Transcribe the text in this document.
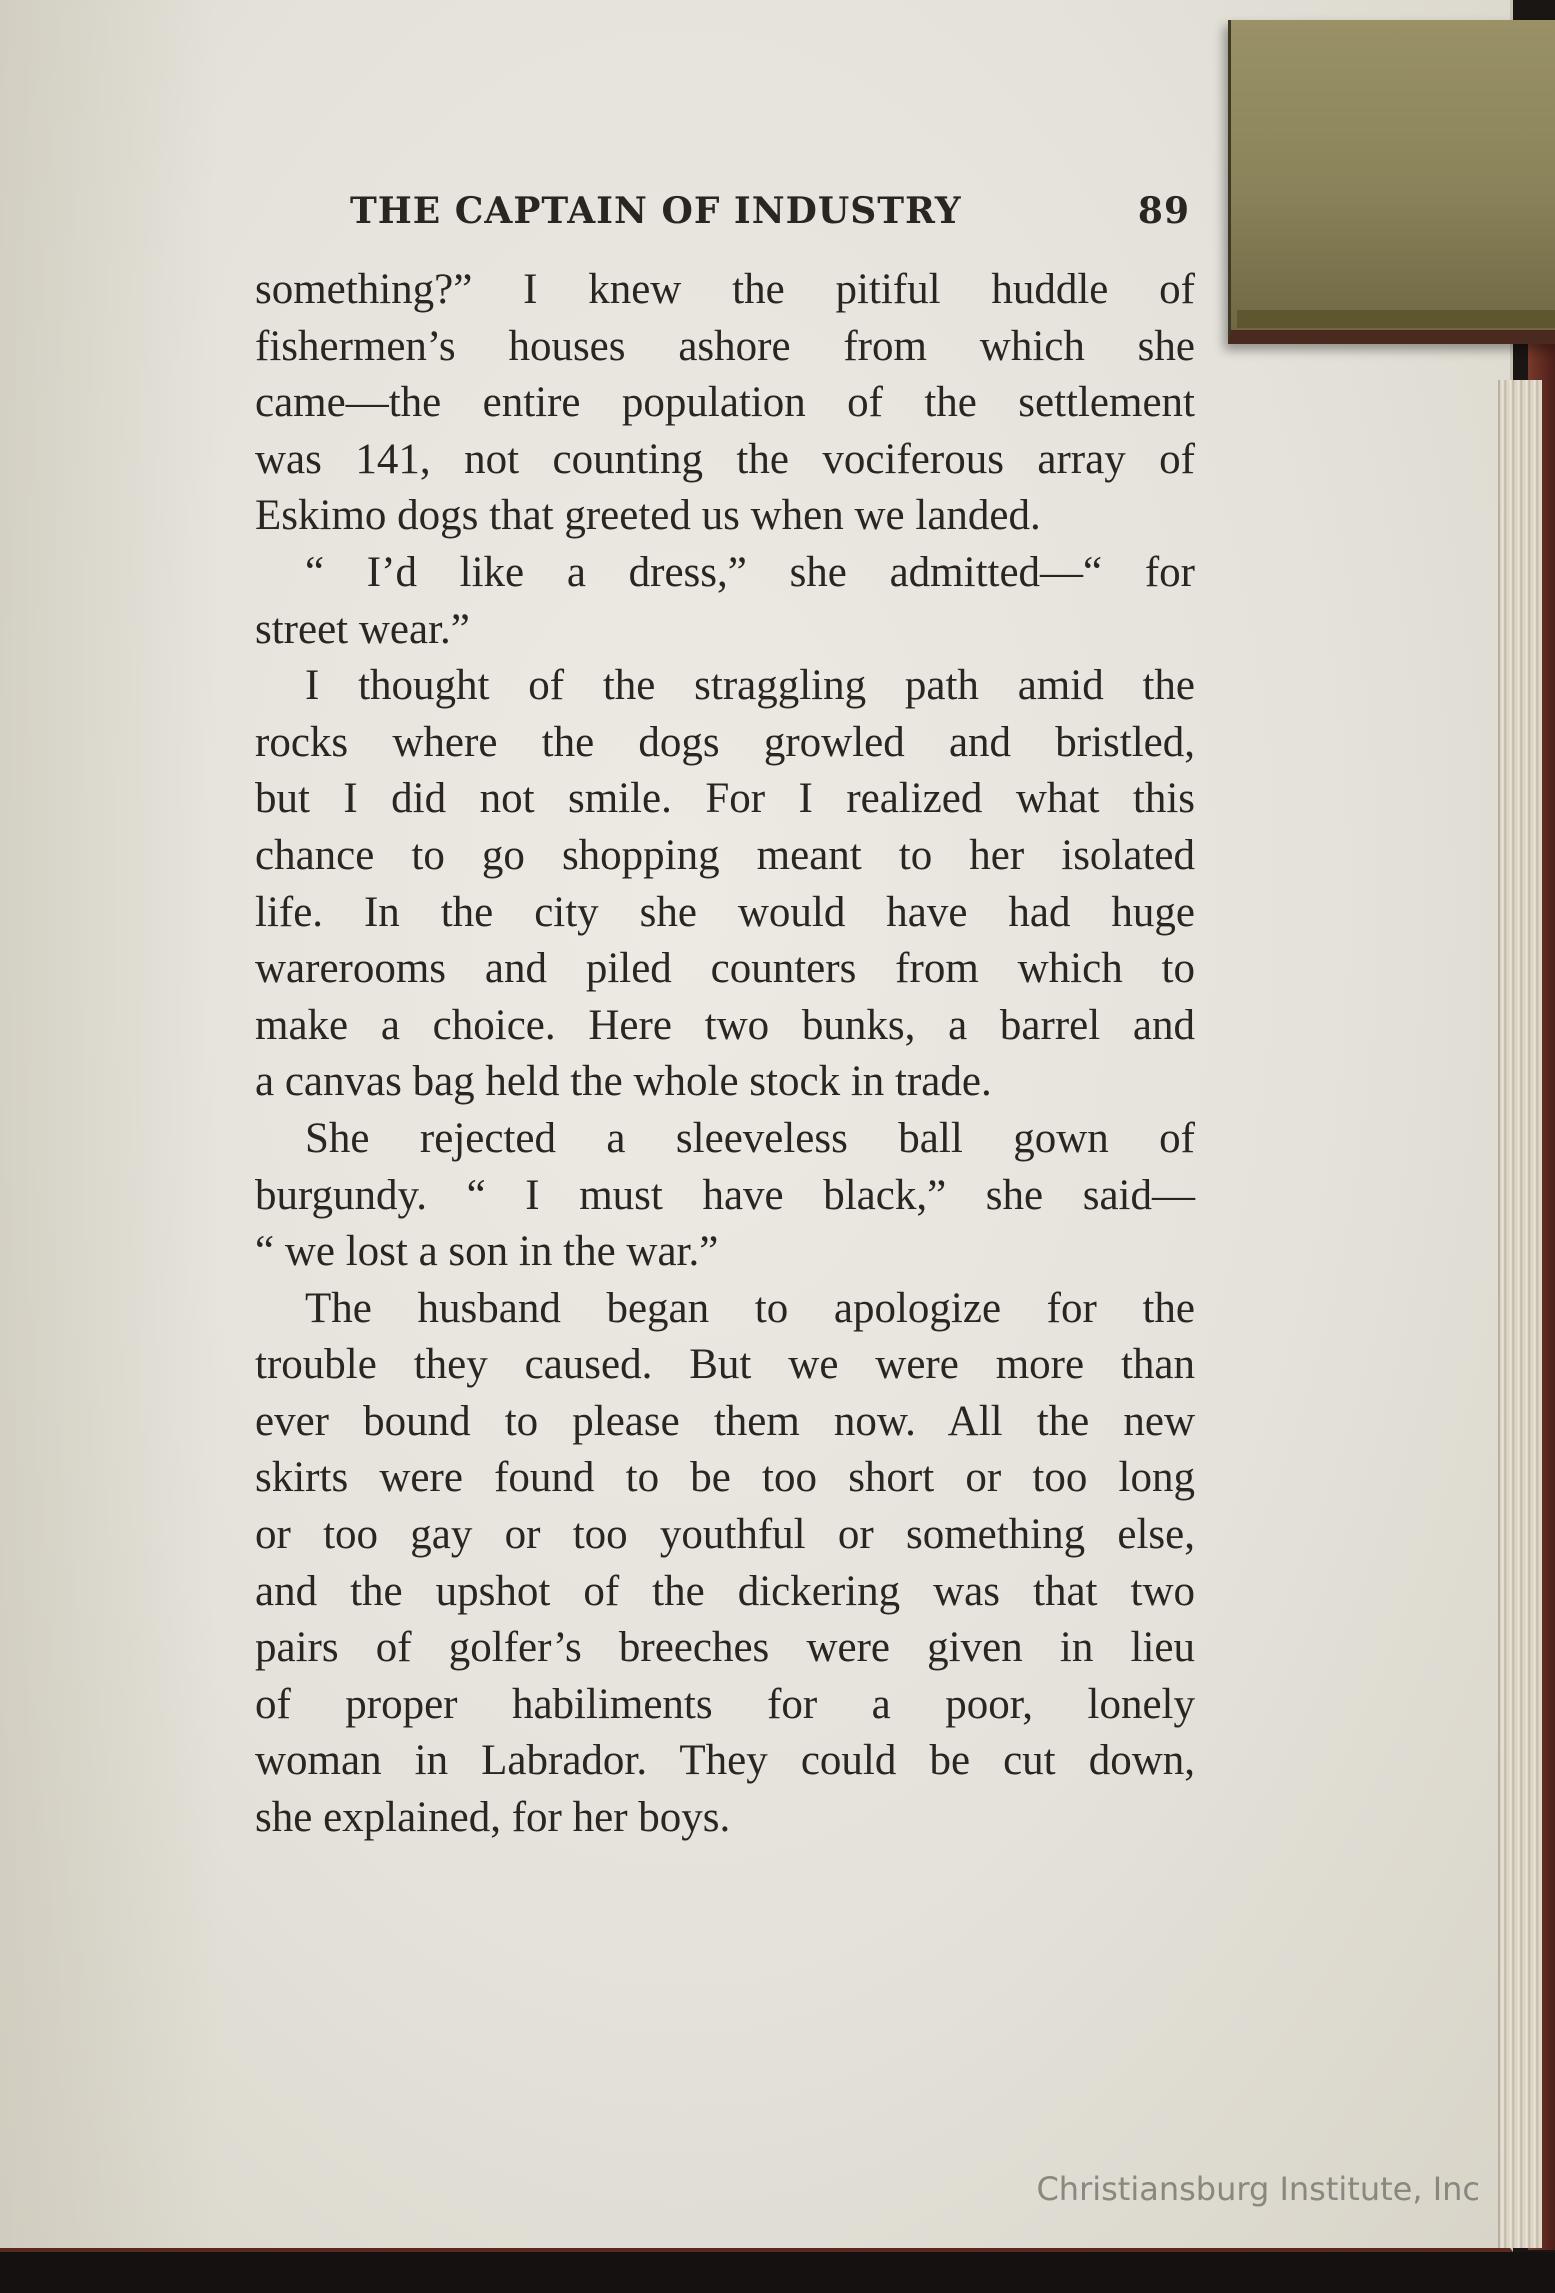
THE CAPTAIN OF INDUSTRY	89
something?” I knew the pitiful huddle of
fishermen’s houses ashore from which she
came—the entire population of the settlement
was 141, not counting the vociferous array of
Eskimo dogs that greeted us when we landed.
“ I’d like a dress,” she admitted—“ for
street wear.”
I thought of the straggling path amid the
rocks where the dogs growled and bristled,
but I did not smile. For I realized what this
chance to go shopping meant to her isolated
life. In the city she would have had huge
warerooms and piled counters from which to
make a choice. Here two bunks, a barrel and
a canvas bag held the whole stock in trade.
She rejected a sleeveless ball gown of
burgundy. “ I must have black,” she said—
“ we lost a son in the war.”
The husband began to apologize for the
trouble they caused. But we were more than
ever bound to please them now. All the new
skirts were found to be too short or too long
or too gay or too youthful or something else,
and the upshot of the dickering was that two
pairs of golfer’s breeches were given in lieu
of proper habiliments for a poor, lonely
woman in Labrador. They could be cut down,
she explained, for her boys.
Christiansburg Institute, Inc
